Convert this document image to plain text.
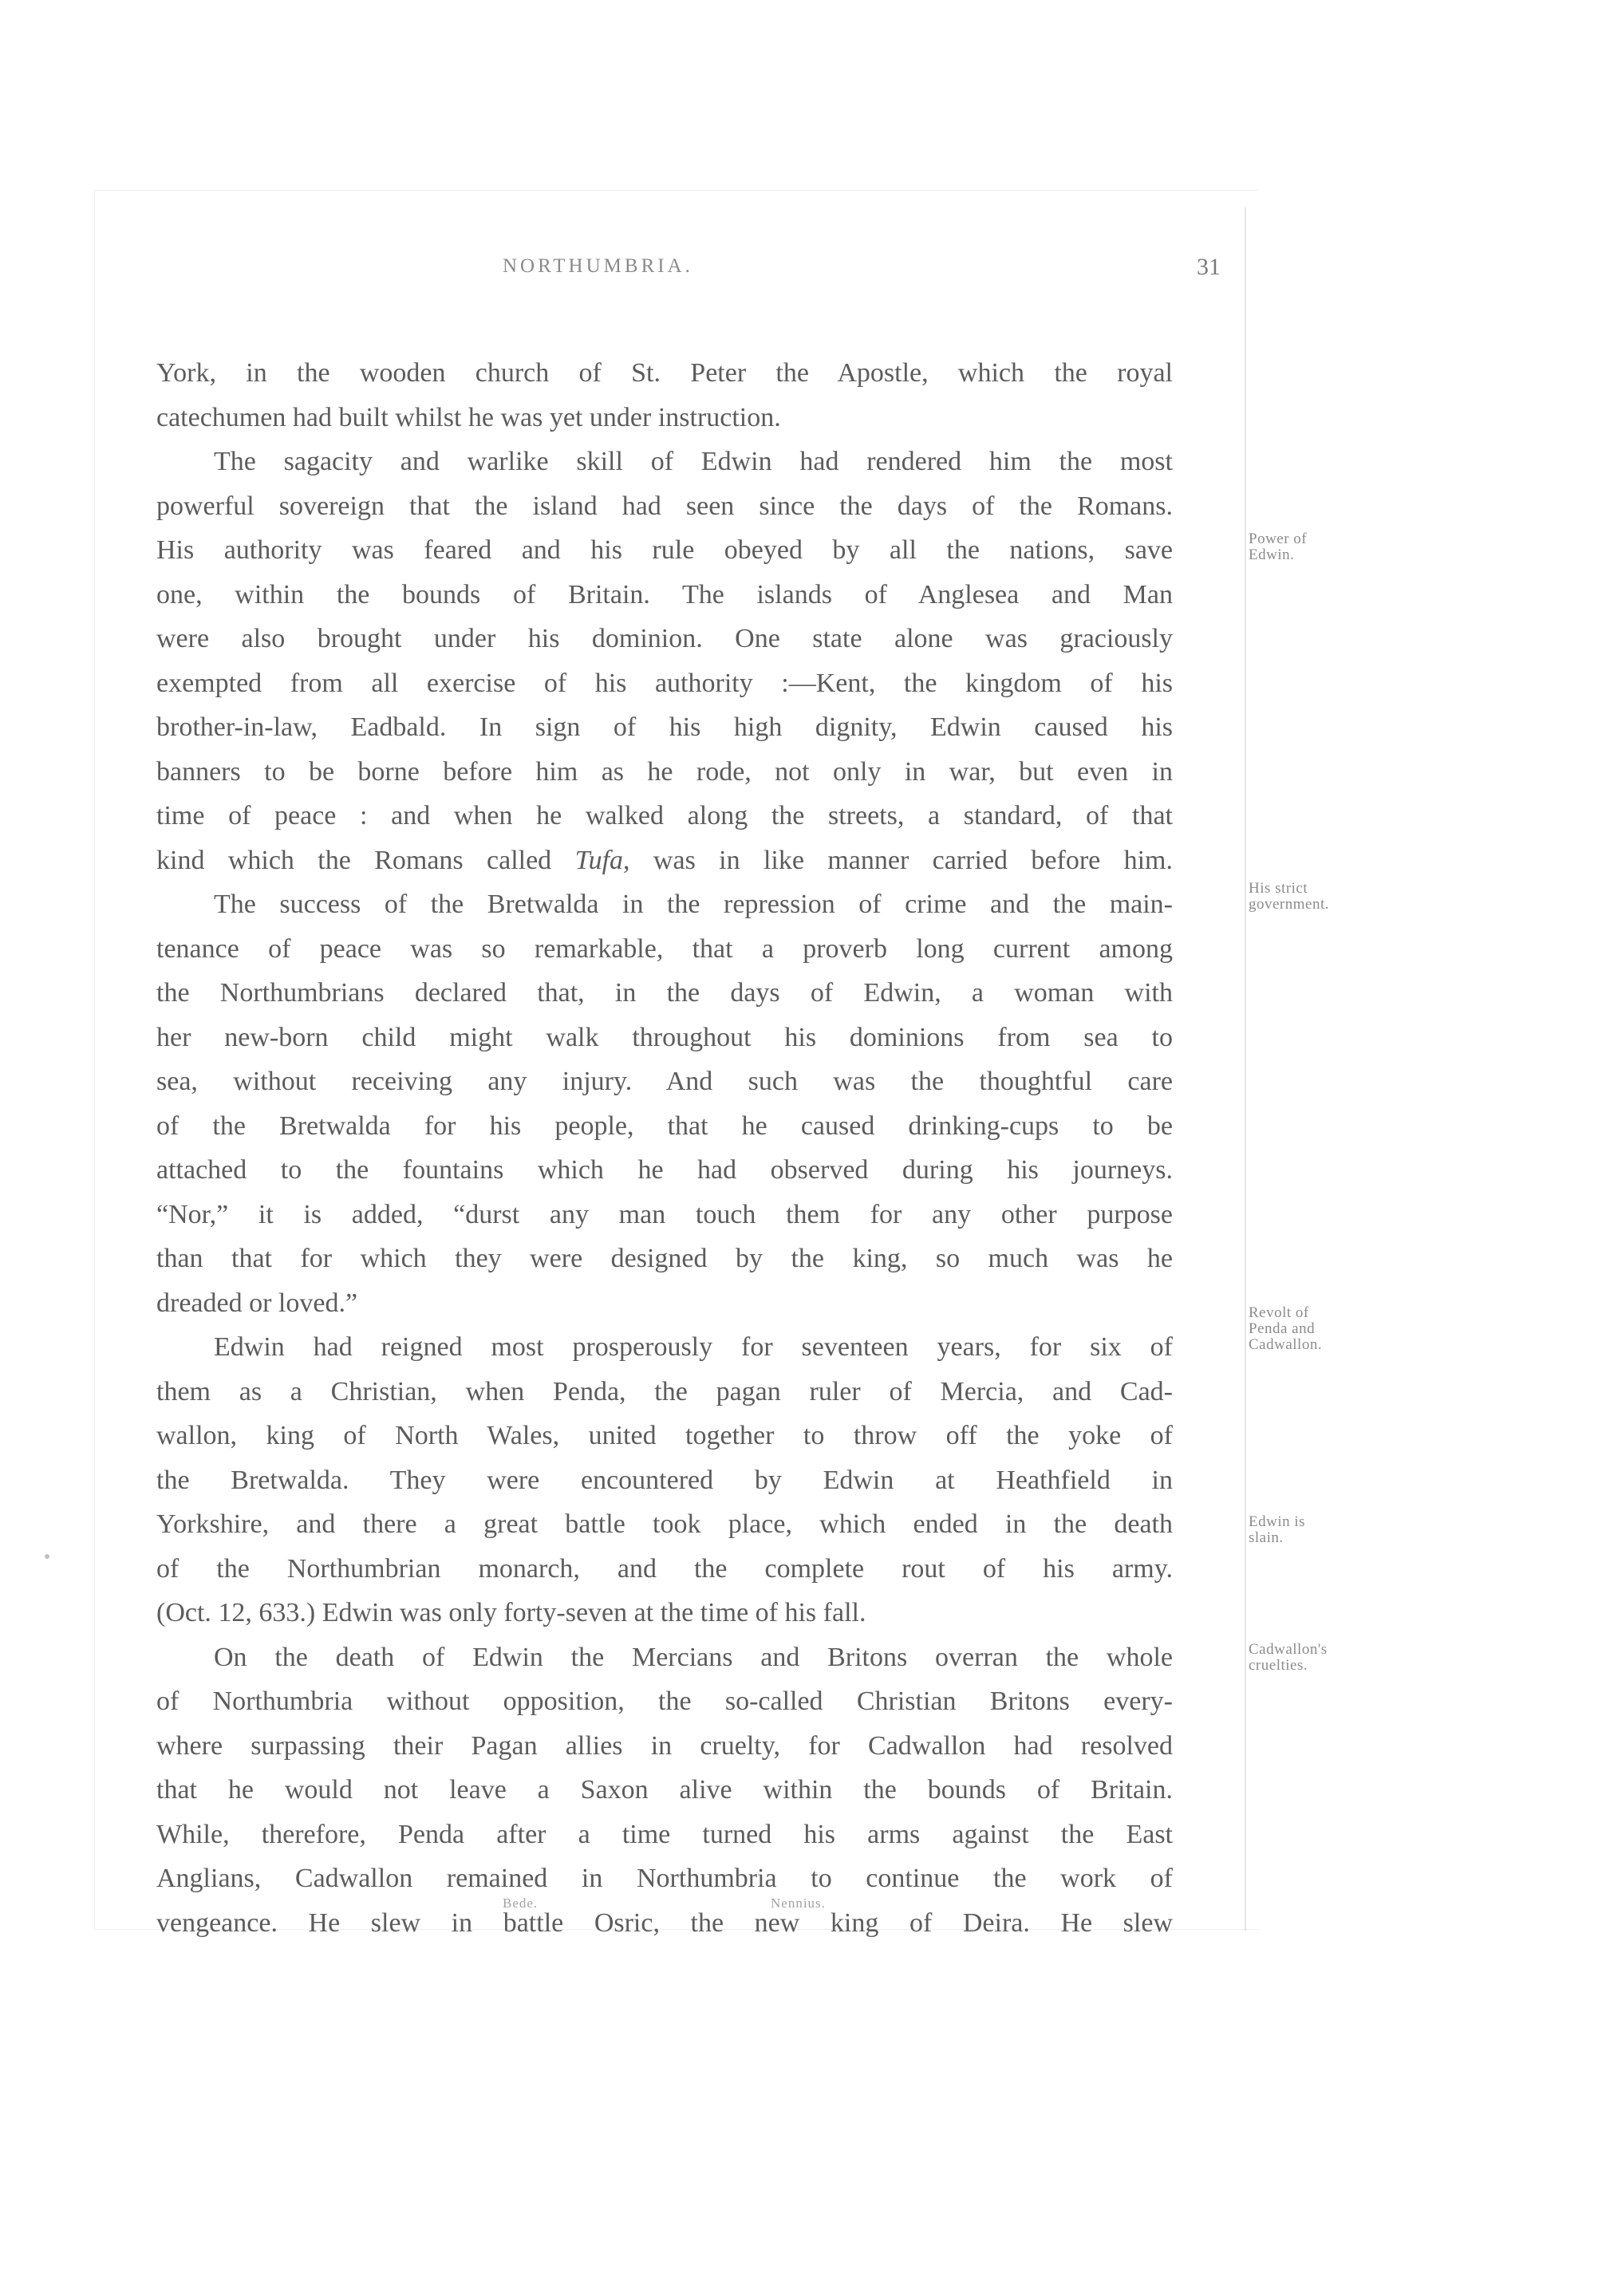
NORTHUMBRIA.	31
York, in the wooden church of St. Peter the Apostle, which the royal
catechumen had built whilst he was yet under instruction.
The sagacity and warlike skill of Edwin had rendered him the most
powerful sovereign that the island had seen since the days of the Romans.
His authority was feared and his rule obeyed by all the nations, save
one, within the bounds of Britain. The islands of Anglesea and Man
were also brought under his dominion. One state alone was graciously
exempted from all exercise of his authority :—Kent, the kingdom of his
brother-in-law, Eadbald. In sign of his high dignity, Edwin caused his
banners to be borne before him as he rode, not only in war, but even in
time of peace : and when he walked along the streets, a standard, of that
kind which the Romans called Tufa, was in like manner carried before him.
The success of the Bretwalda in the repression of crime and the main-
tenance of peace was so remarkable, that a proverb long current among
the Northumbrians declared that, in the days of Edwin, a woman with
her new-born child might walk throughout his dominions from sea to
sea, without receiving any injury. And such was the thoughtful care
of the Bretwalda for his people, that he caused drinking-cups to be
attached to the fountains which he had observed during his journeys.
“Nor,” it is added, “durst any man touch them for any other purpose
than that for which they were designed by the king, so much was he
dreaded or loved.”
Edwin had reigned most prosperously for seventeen years, for six of
them as a Christian, when Penda, the pagan ruler of Mercia, and Cad-
wallon, king of North Wales, united together to throw off the yoke of
the Bretwalda. They were encountered by Edwin at Heathfield in
Yorkshire, and there a great battle took place, which ended in the death
of the Northumbrian monarch, and the complete rout of his army.
(Oct. 12, 633.) Edwin was only forty-seven at the time of his fall.
On the death of Edwin the Mercians and Britons overran the whole
of Northumbria without opposition, the so-called Christian Britons every-
where surpassing their Pagan allies in cruelty, for Cadwallon had resolved
that he would not leave a Saxon alive within the bounds of Britain.
While, therefore, Penda after a time turned his arms against the East
Anglians, Cadwallon remained in Northumbria to continue the work of
vengeance. He slew in battle Osric, the new king of Deira. He slew
Power of
Edwin.
His strict
government.
Revolt of
Penda and
Cadwallon.
Edwin is
slain.
Cadwallon's
cruelties.
Bede.	Nennius.
